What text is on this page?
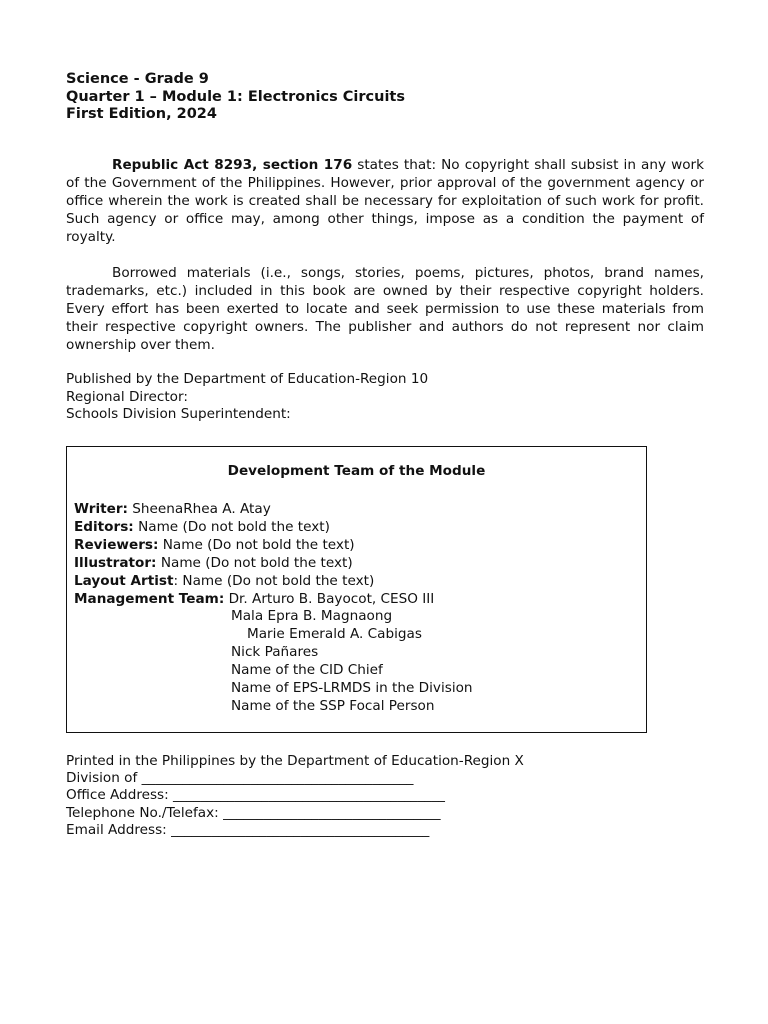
Science - Grade 9
Quarter 1 – Module 1: Electronics Circuits
First Edition, 2024
Republic Act 8293, section 176 states that: No copyright shall subsist in any work of the Government of the Philippines. However, prior approval of the government agency or office wherein the work is created shall be necessary for exploitation of such work for profit. Such agency or office may, among other things, impose as a condition the payment of royalty.
Borrowed materials (i.e., songs, stories, poems, pictures, photos, brand names, trademarks, etc.) included in this book are owned by their respective copyright holders. Every effort has been exerted to locate and seek permission to use these materials from their respective copyright owners. The publisher and authors do not represent nor claim ownership over them.
Published by the Department of Education-Region 10
Regional Director:
Schools Division Superintendent:
Development Team of the Module
Writer: SheenaRhea A. Atay
Editors: Name (Do not bold the text)
Reviewers: Name (Do not bold the text)
Illustrator: Name (Do not bold the text)
Layout Artist: Name (Do not bold the text)
Management Team: Dr. Arturo B. Bayocot, CESO III
Mala Epra B. Magnaong
Marie Emerald A. Cabigas
Nick Pañares
Name of the CID Chief
Name of EPS-LRMDS in the Division
Name of the SSP Focal Person
Printed in the Philippines by the Department of Education-Region X
Division of ________________________________________
Office Address: ________________________________________
Telephone No./Telefax: ________________________________
Email Address: ______________________________________
